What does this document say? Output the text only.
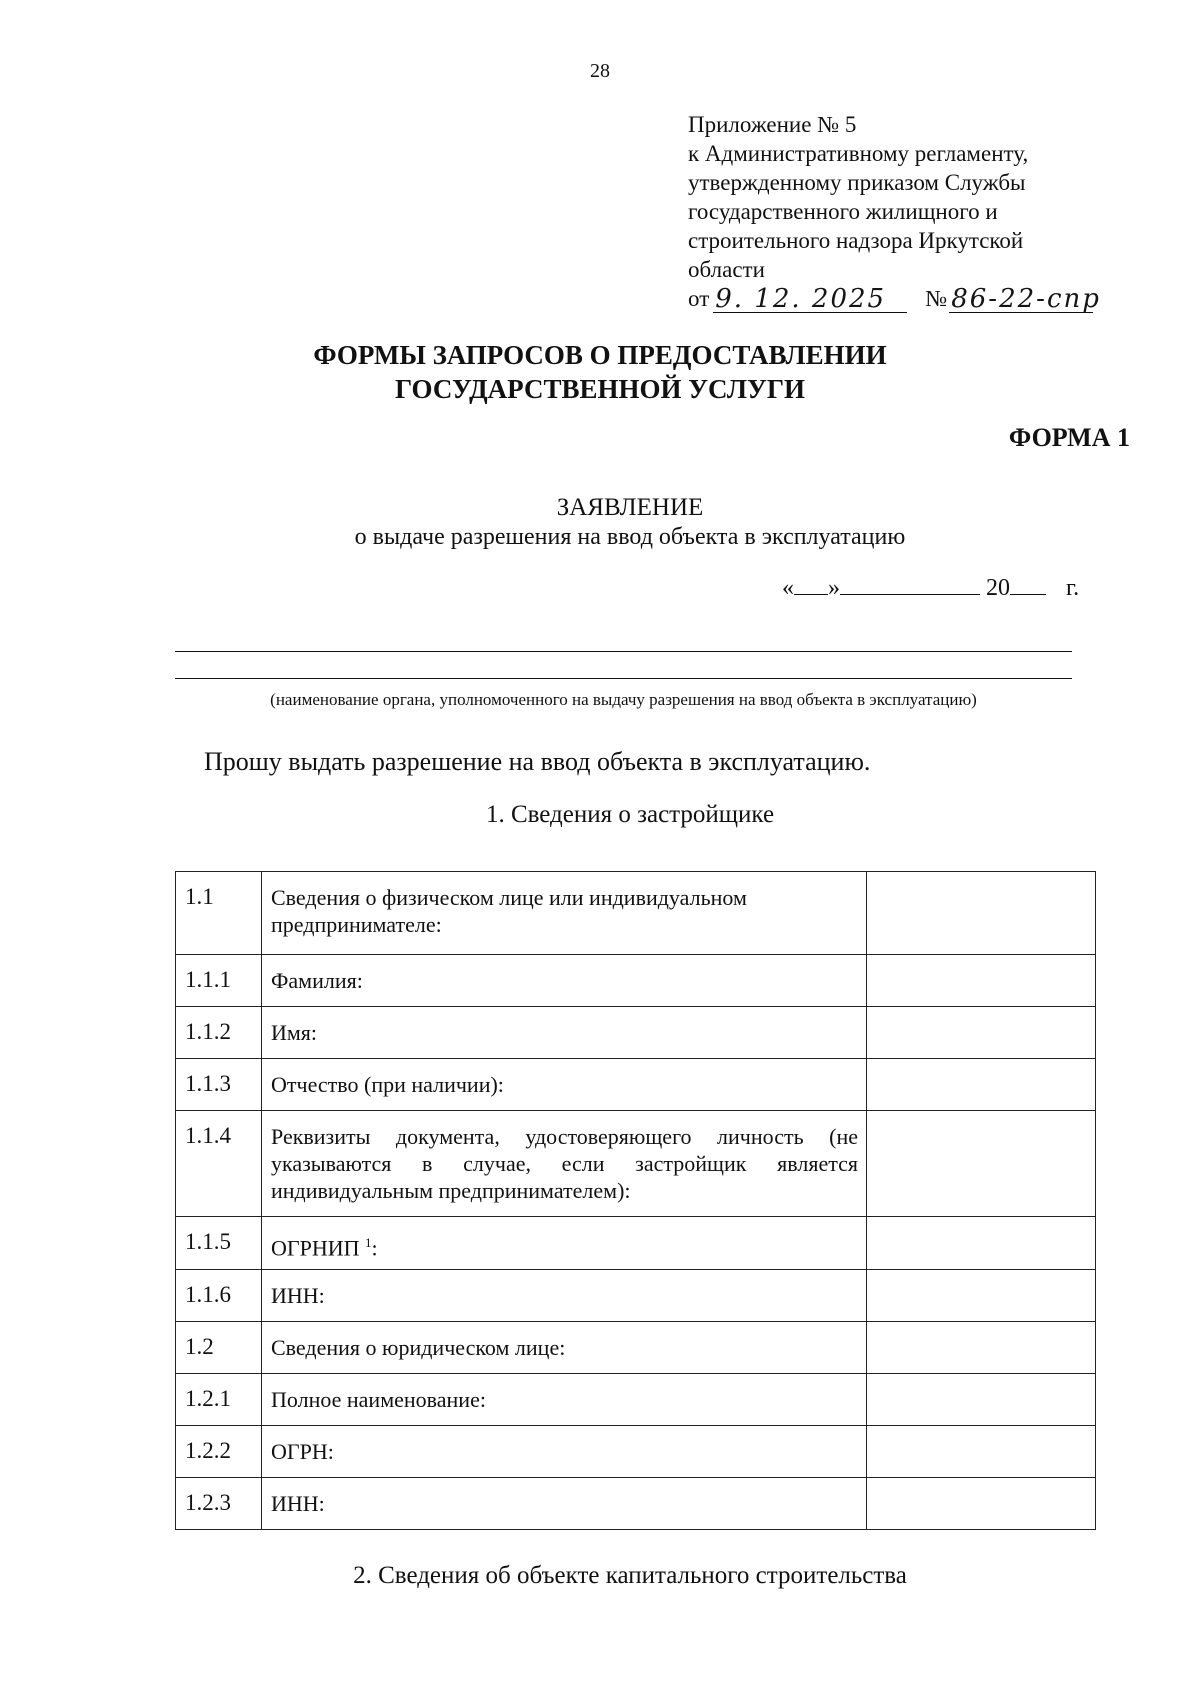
28
Приложение № 5
к Административному регламенту,
утвержденному приказом Службы
государственного жилищного и
строительного надзора Иркутской
области
от 9. 12. 2025	№ 86-22-спр
ФОРМЫ ЗАПРОСОВ О ПРЕДОСТАВЛЕНИИ
ГОСУДАРСТВЕННОЙ УСЛУГИ
ФОРМА 1
ЗАЯВЛЕНИЕ
о выдаче разрешения на ввод объекта в эксплуатацию
« »	20 г.
(наименование органа, уполномоченного на выдачу разрешения на ввод объекта в эксплуатацию)
Прошу выдать разрешение на ввод объекта в эксплуатацию.
1. Сведения о застройщике
1.1	Сведения о физическом лице или индивидуальном предпринимателе:	
1.1.1	Фамилия:	
1.1.2	Имя:	
1.1.3	Отчество (при наличии):	
1.1.4	Реквизиты документа, удостоверяющего личность (не указываются в случае, если застройщик является индивидуальным предпринимателем):	
1.1.5	ОГРНИП $^1$:	
1.1.6	ИНН:	
1.2	Сведения о юридическом лице:	
1.2.1	Полное наименование:	
1.2.2	ОГРН:	
1.2.3	ИНН:	
2. Сведения об объекте капитального строительства
